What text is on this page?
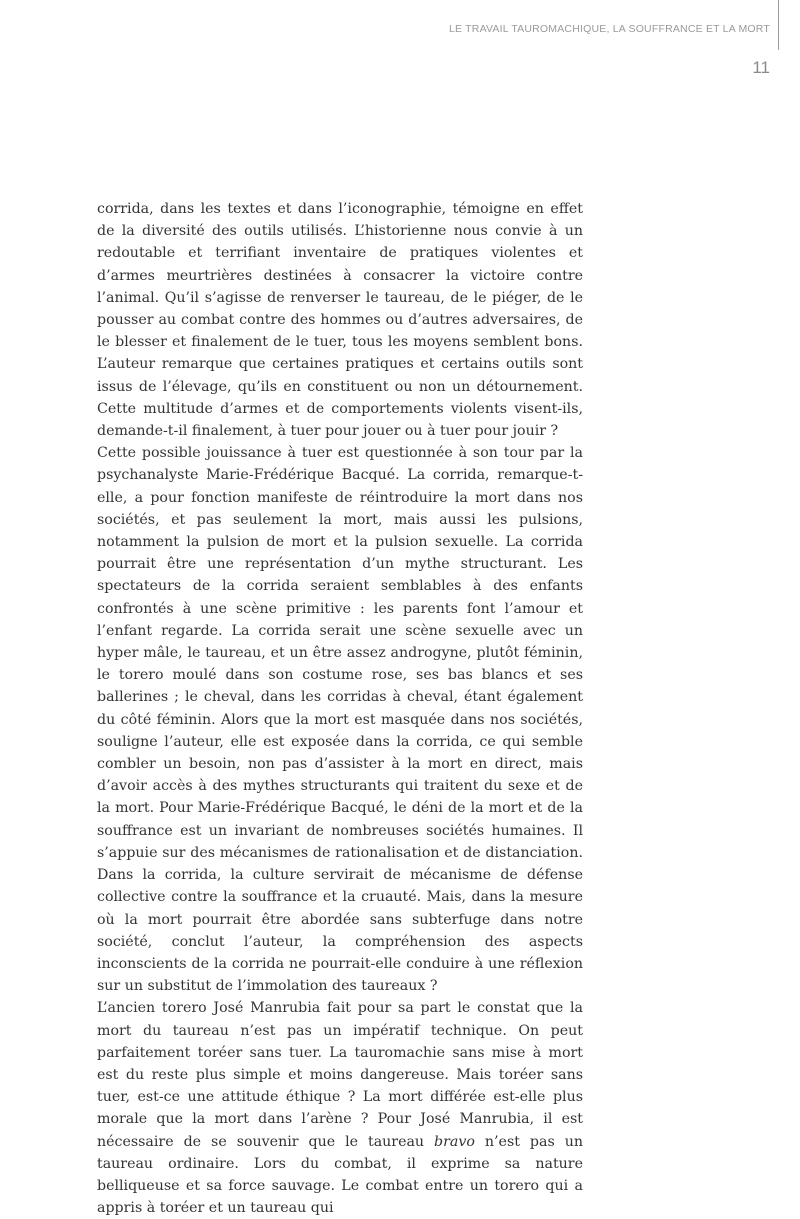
LE TRAVAIL TAUROMACHIQUE, LA SOUFFRANCE ET LA MORT
11

corrida, dans les textes et dans l’iconographie, témoigne en effet de la diversité des outils utilisés. L’historienne nous convie à un redoutable et terrifiant inventaire de pratiques violentes et d’armes meurtrières destinées à consacrer la victoire contre l’animal. Qu’il s’agisse de renverser le taureau, de le piéger, de le pousser au combat contre des hommes ou d’autres adversaires, de le blesser et finalement de le tuer, tous les moyens semblent bons. L’auteur remarque que certaines pratiques et certains outils sont issus de l’élevage, qu’ils en constituent ou non un détournement. Cette multitude d’armes et de comportements violents visent-ils, demande-t-il finalement, à tuer pour jouer ou à tuer pour jouir ?

Cette possible jouissance à tuer est questionnée à son tour par la psychanalyste Marie-Frédérique Bacqué. La corrida, remarque-t-elle, a pour fonction manifeste de réintroduire la mort dans nos sociétés, et pas seulement la mort, mais aussi les pulsions, notamment la pulsion de mort et la pulsion sexuelle. La corrida pourrait être une représentation d’un mythe structurant. Les spectateurs de la corrida seraient semblables à des enfants confrontés à une scène primitive : les parents font l’amour et l’enfant regarde. La corrida serait une scène sexuelle avec un hyper mâle, le taureau, et un être assez androgyne, plutôt féminin, le torero moulé dans son costume rose, ses bas blancs et ses ballerines ; le cheval, dans les corridas à cheval, étant également du côté féminin. Alors que la mort est masquée dans nos sociétés, souligne l’auteur, elle est exposée dans la corrida, ce qui semble combler un besoin, non pas d’assister à la mort en direct, mais d’avoir accès à des mythes structurants qui traitent du sexe et de la mort. Pour Marie-Frédérique Bacqué, le déni de la mort et de la souffrance est un invariant de nombreuses sociétés humaines. Il s’appuie sur des mécanismes de rationalisation et de distanciation. Dans la corrida, la culture servirait de mécanisme de défense collective contre la souffrance et la cruauté. Mais, dans la mesure où la mort pourrait être abordée sans subterfuge dans notre société, conclut l’auteur, la compréhension des aspects inconscients de la corrida ne pourrait-elle conduire à une réflexion sur un substitut de l’immolation des taureaux ?

L’ancien torero José Manrubia fait pour sa part le constat que la mort du taureau n’est pas un impératif technique. On peut parfaitement toréer sans tuer. La tauromachie sans mise à mort est du reste plus simple et moins dangereuse. Mais toréer sans tuer, est-ce une attitude éthique ? La mort différée est-elle plus morale que la mort dans l’arène ? Pour José Manrubia, il est nécessaire de se souvenir que le taureau bravo n’est pas un taureau ordinaire. Lors du combat, il exprime sa nature belliqueuse et sa force sauvage. Le combat entre un torero qui a appris à toréer et un taureau qui
